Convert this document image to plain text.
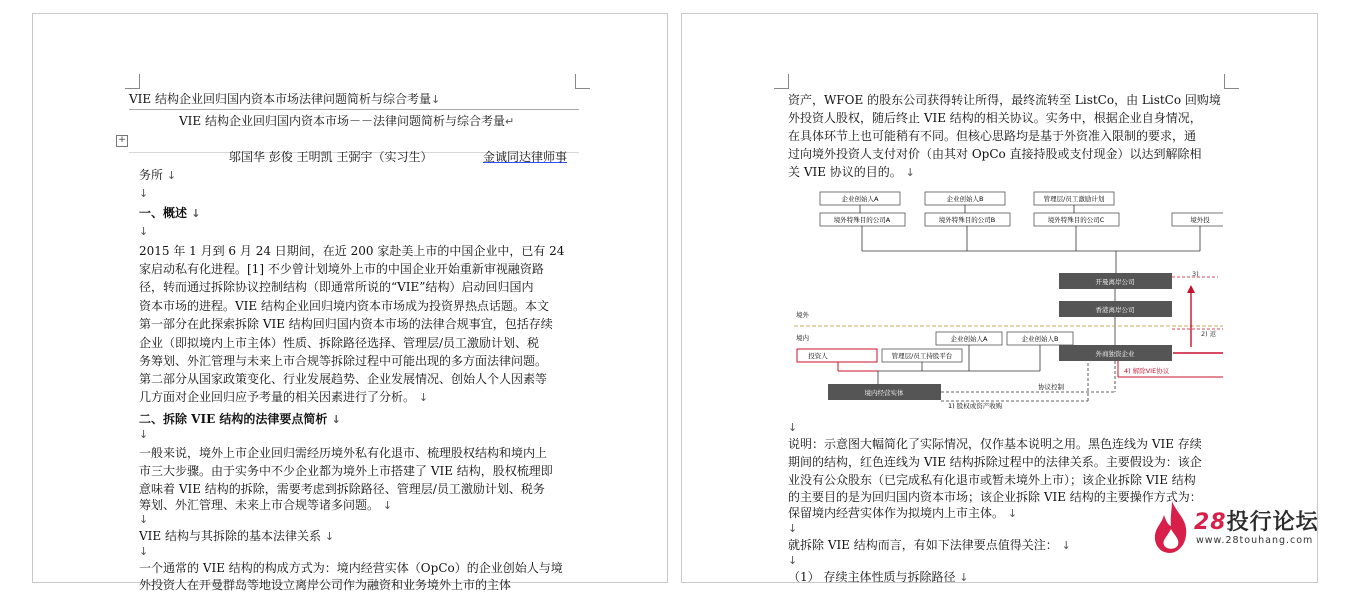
VIE 结构企业回归国内资本市场法律问题简析与综合考量↓
VIE 结构企业回归国内资本市场－－法律问题简析与综合考量↵
+
邬国华 彭俊 王明凯 王弼宇（实习生）	金诚同达律师事
务所 ↓
↓
一、概述 ↓
↓
2015 年 1 月到 6 月 24 日期间，在近 200 家赴美上市的中国企业中，已有 24
家启动私有化进程。[1] 不少曾计划境外上市的中国企业开始重新审视融资路
径，转而通过拆除协议控制结构（即通常所说的“VIE”结构）启动回归国内
资本市场的进程。VIE 结构企业回归境内资本市场成为投资界热点话题。本文
第一部分在此探索拆除 VIE 结构回归国内资本市场的法律合规事宜，包括存续
企业（即拟境内上市主体）性质、拆除路径选择、管理层/员工激励计划、税
务筹划、外汇管理与未来上市合规等拆除过程中可能出现的多方面法律问题。
第二部分从国家政策变化、行业发展趋势、企业发展情况、创始人个人因素等
几方面对企业回归应予考量的相关因素进行了分析。 ↓
二、拆除 VIE 结构的法律要点简析 ↓
↓
一般来说，境外上市企业回归需经历境外私有化退市、梳理股权结构和境内上
市三大步骤。由于实务中不少企业都为境外上市搭建了 VIE 结构，股权梳理即
意味着 VIE 结构的拆除，需要考虑到拆除路径、管理层/员工激励计划、税务
筹划、外汇管理、未来上市合规等诸多问题。 ↓
↓
VIE 结构与其拆除的基本法律关系 ↓
↓
一个通常的 VIE 结构的构成方式为：境内经营实体（OpCo）的企业创始人与境
外投资人在开曼群岛等地设立离岸公司作为融资和业务境外上市的主体
资产，WFOE 的股东公司获得转让所得，最终流转至 ListCo，由 ListCo 回购境
外投资人股权，随后终止 VIE 结构的相关协议。实务中，根据企业自身情况，
在具体环节上也可能稍有不同。但核心思路均是基于外资准入限制的要求，通
过向境外投资人支付对价（由其对 OpCo 直接持股或支付现金）以达到解除相
关 VIE 协议的目的。 ↓
企业创始人A	企业创始人B	管理层/员工激励计划
境外特殊目的公司A	境外特殊目的公司B	境外特殊目的公司C	境外投
开曼离岸公司
香港离岸公司
外商独资企业
境外
境内
3)
2) 返
企业创始人A	企业创始人B
投资人	管理层/员工持股平台
境内经营实体
协议控制
4) 解除VIE协议
1) 股权或资产收购
↓
说明：示意图大幅简化了实际情况，仅作基本说明之用。黑色连线为 VIE 存续
期间的结构，红色连线为 VIE 结构拆除过程中的法律关系。主要假设为：该企
业没有公众股东（已完成私有化退市或暂未境外上市）；该企业拆除 VIE 结构
的主要目的是为回归国内资本市场；该企业拆除 VIE 结构的主要操作方式为：
保留境内经营实体作为拟境内上市主体。 ↓
↓
就拆除 VIE 结构而言，有如下法律要点值得关注： ↓
↓
（1） 存续主体性质与拆除路径 ↓
28投行论坛
www.28touhang.com
